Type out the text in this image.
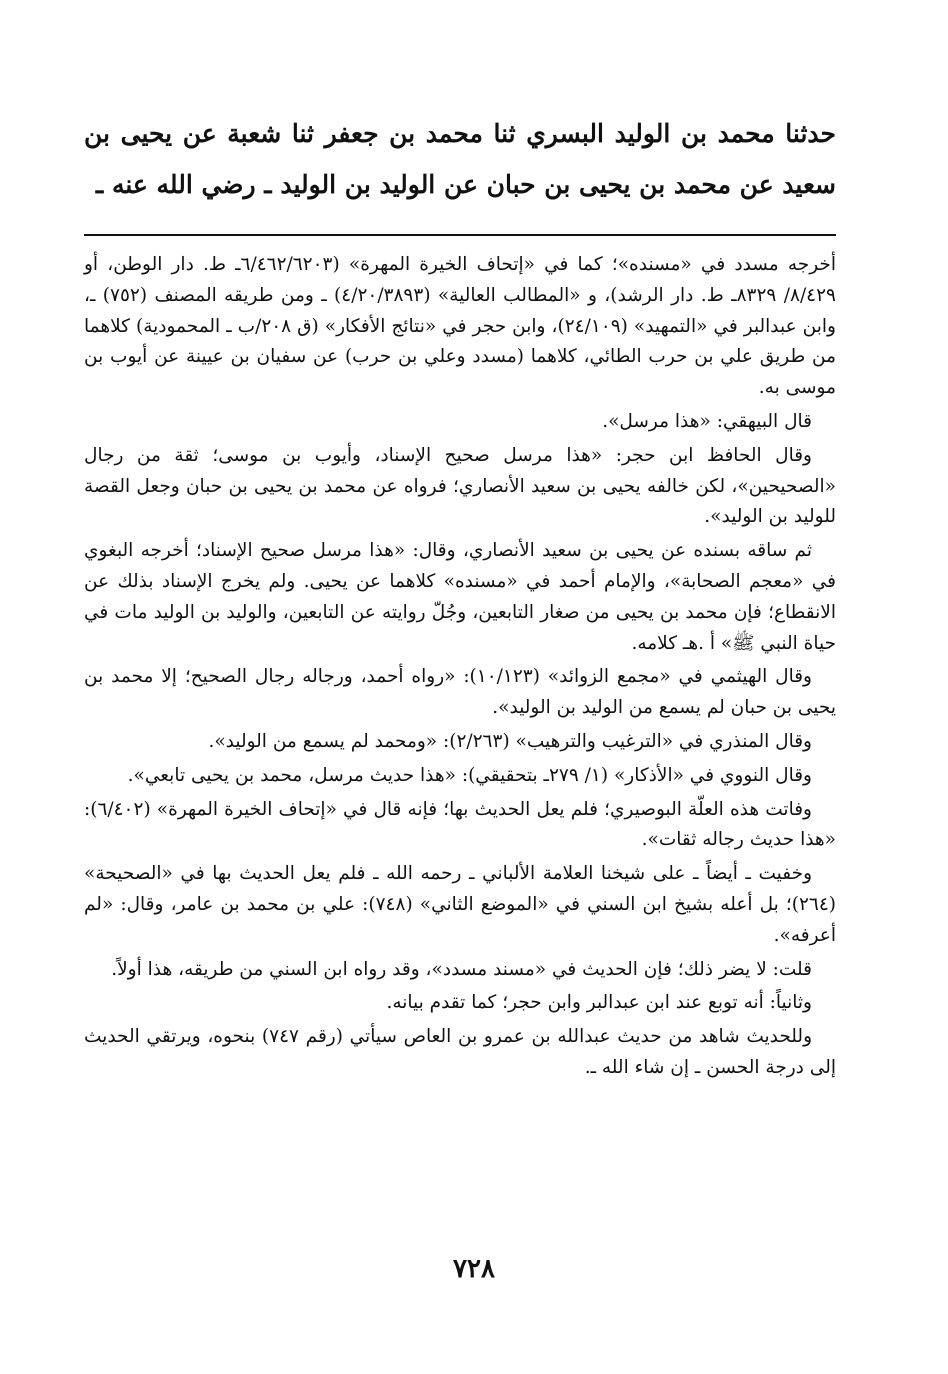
حدثنا محمد بن الوليد البسري ثنا محمد بن جعفر ثنا شعبة عن يحيى بن سعيد عن محمد بن يحيى بن حبان عن الوليد بن الوليد ـ رضي الله عنه ـ

أخرجه مسدد في «مسنده»؛ كما في «إتحاف الخيرة المهرة» (٦/٤٦٢/٦٢٠٣ـ ط. دار الوطن، أو ٨/٤٢٩/ ٨٣٢٩ـ ط. دار الرشد)، و «المطالب العالية» (٤/٢٠/٣٨٩٣) ـ ومن طريقه المصنف (٧٥٢) ـ، وابن عبدالبر في «التمهيد» (٢٤/١٠٩)، وابن حجر في «نتائج الأفكار» (ق ٢٠٨/ب ـ المحمودية) كلاهما من طريق علي بن حرب الطائي، كلاهما (مسدد وعلي بن حرب) عن سفيان بن عيينة عن أيوب بن موسى به.

قال البيهقي: «هذا مرسل».

وقال الحافظ ابن حجر: «هذا مرسل صحيح الإسناد، وأيوب بن موسى؛ ثقة من رجال «الصحيحين»، لكن خالفه يحيى بن سعيد الأنصاري؛ فرواه عن محمد بن يحيى بن حبان وجعل القصة للوليد بن الوليد».

ثم ساقه بسنده عن يحيى بن سعيد الأنصاري، وقال: «هذا مرسل صحيح الإسناد؛ أخرجه البغوي في «معجم الصحابة»، والإمام أحمد في «مسنده» كلاهما عن يحيى. ولم يخرج الإسناد بذلك عن الانقطاع؛ فإن محمد بن يحيى من صغار التابعين، وجُلّ روايته عن التابعين، والوليد بن الوليد مات في حياة النبي ﷺ» أ .هـ كلامه.

وقال الهيثمي في «مجمع الزوائد» (١٠/١٢٣): «رواه أحمد، ورجاله رجال الصحيح؛ إلا محمد بن يحيى بن حبان لم يسمع من الوليد بن الوليد».

وقال المنذري في «الترغيب والترهيب» (٢/٢٦٣): «ومحمد لم يسمع من الوليد».

وقال النووي في «الأذكار» (١/ ٢٧٩ـ بتحقيقي): «هذا حديث مرسل، محمد بن يحيى تابعي».

وفاتت هذه العلّة البوصيري؛ فلم يعل الحديث بها؛ فإنه قال في «إتحاف الخيرة المهرة» (٦/٤٠٢): «هذا حديث رجاله ثقات».

وخفيت ـ أيضاً ـ على شيخنا العلامة الألباني ـ رحمه الله ـ فلم يعل الحديث بها في «الصحيحة» (٢٦٤)؛ بل أعله بشيخ ابن السني في «الموضع الثاني» (٧٤٨): علي بن محمد بن عامر، وقال: «لم أعرفه».

قلت: لا يضر ذلك؛ فإن الحديث في «مسند مسدد»، وقد رواه ابن السني من طريقه، هذا أولاً.

وثانياً: أنه توبع عند ابن عبدالبر وابن حجر؛ كما تقدم بيانه.

وللحديث شاهد من حديث عبدالله بن عمرو بن العاص سيأتي (رقم ٧٤٧) بنحوه، ويرتقي الحديث إلى درجة الحسن ـ إن شاء الله ـ.

٧٢٨
